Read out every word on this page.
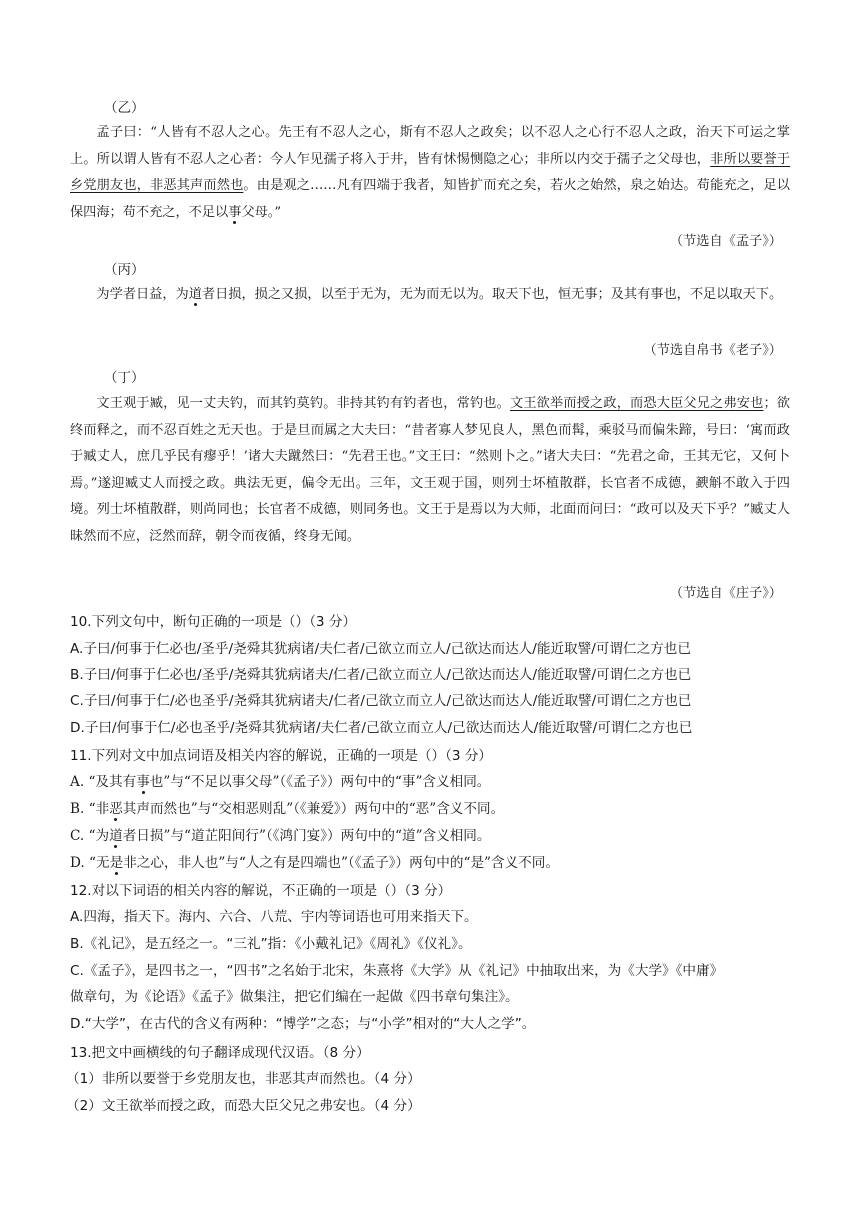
（乙）
孟子曰：“人皆有不忍人之心。先王有不忍人之心，斯有不忍人之政矣；以不忍人之心行不忍人之政，治天下可运之掌上。所以谓人皆有不忍人之心者：今人乍见孺子将入于井，皆有怵惕恻隐之心；非所以内交于孺子之父母也，非所以要誉于乡党朋友也，非恶其声而然也。由是观之……凡有四端于我者，知皆扩而充之矣，若火之始然，泉之始达。苟能充之，足以保四海；苟不充之，不足以事父母。”
（节选自《孟子》）
（丙）
为学者日益，为道者日损，损之又损，以至于无为，无为而无以为。取天下也，恒无事；及其有事也，不足以取天下。
（节选自帛书《老子》）
（丁）
文王观于臧，见一丈夫钓，而其钓莫钓。非持其钓有钓者也，常钓也。文王欲举而授之政，而恐大臣父兄之弗安也；欲终而释之，而不忍百姓之无天也。于是旦而属之大夫曰：“昔者寡人梦见良人，黑色而髯，乘驳马而偏朱蹄，号曰：‘寓而政于臧丈人，庶几乎民有瘳乎！’诸大夫蹴然曰：“先君王也。”文王曰：“然则卜之。”诸大夫曰：“先君之命，王其无它，又何卜焉。”遂迎臧丈人而授之政。典法无更，偏令无出。三年，文王观于国，则列士坏植散群，长官者不成德，斔斛不敢入于四境。列士坏植散群，则尚同也；长官者不成德，则同务也。文王于是焉以为大师，北面而问曰：“政可以及天下乎？”臧丈人昧然而不应，泛然而辞，朝令而夜循，终身无闻。
（节选自《庄子》）
10.下列文句中，断句正确的一项是（）（3 分）
A.子曰/何事于仁必也/圣乎/尧舜其犹病诸/夫仁者/己欲立而立人/己欲达而达人/能近取譬/可谓仁之方也已
B.子曰/何事于仁必也/圣乎/尧舜其犹病诸夫/仁者/己欲立而立人/己欲达而达人/能近取譬/可谓仁之方也已
C.子曰/何事于仁/必也圣乎/尧舜其犹病诸夫/仁者/己欲立而立人/己欲达而达人/能近取譬/可谓仁之方也已
D.子曰/何事于仁/必也圣乎/尧舜其犹病诸/夫仁者/己欲立而立人/己欲达而达人/能近取譬/可谓仁之方也已
11.下列对文中加点词语及相关内容的解说，正确的一项是（）（3 分）
A. “及其有事也”与“不足以事父母”（《孟子》）两句中的“事”含义相同。
B. “非恶其声而然也”与“交相恶则乱”（《兼爱》）两句中的“恶”含义不同。
C. “为道者日损”与“道芷阳间行”（《鸿门宴》）两句中的“道”含义相同。
D. “无是非之心，非人也”与“人之有是四端也”（《孟子》）两句中的“是”含义不同。
12.对以下词语的相关内容的解说，不正确的一项是（）（3 分）
A.四海，指天下。海内、六合、八荒、宇内等词语也可用来指天下。
B.《礼记》，是五经之一。“三礼”指：《小戴礼记》《周礼》《仪礼》。
C.《孟子》，是四书之一，“四书”之名始于北宋，朱熹将《大学》从《礼记》中抽取出来，为《大学》《中庸》
做章句，为《论语》《孟子》做集注，把它们编在一起做《四书章句集注》。
D.“大学”，在古代的含义有两种：“博学”之态；与“小学”相对的“大人之学”。
13.把文中画横线的句子翻译成现代汉语。（8 分）
（1）非所以要誉于乡党朋友也，非恶其声而然也。（4 分）
（2）文王欲举而授之政，而恐大臣父兄之弗安也。（4 分）
